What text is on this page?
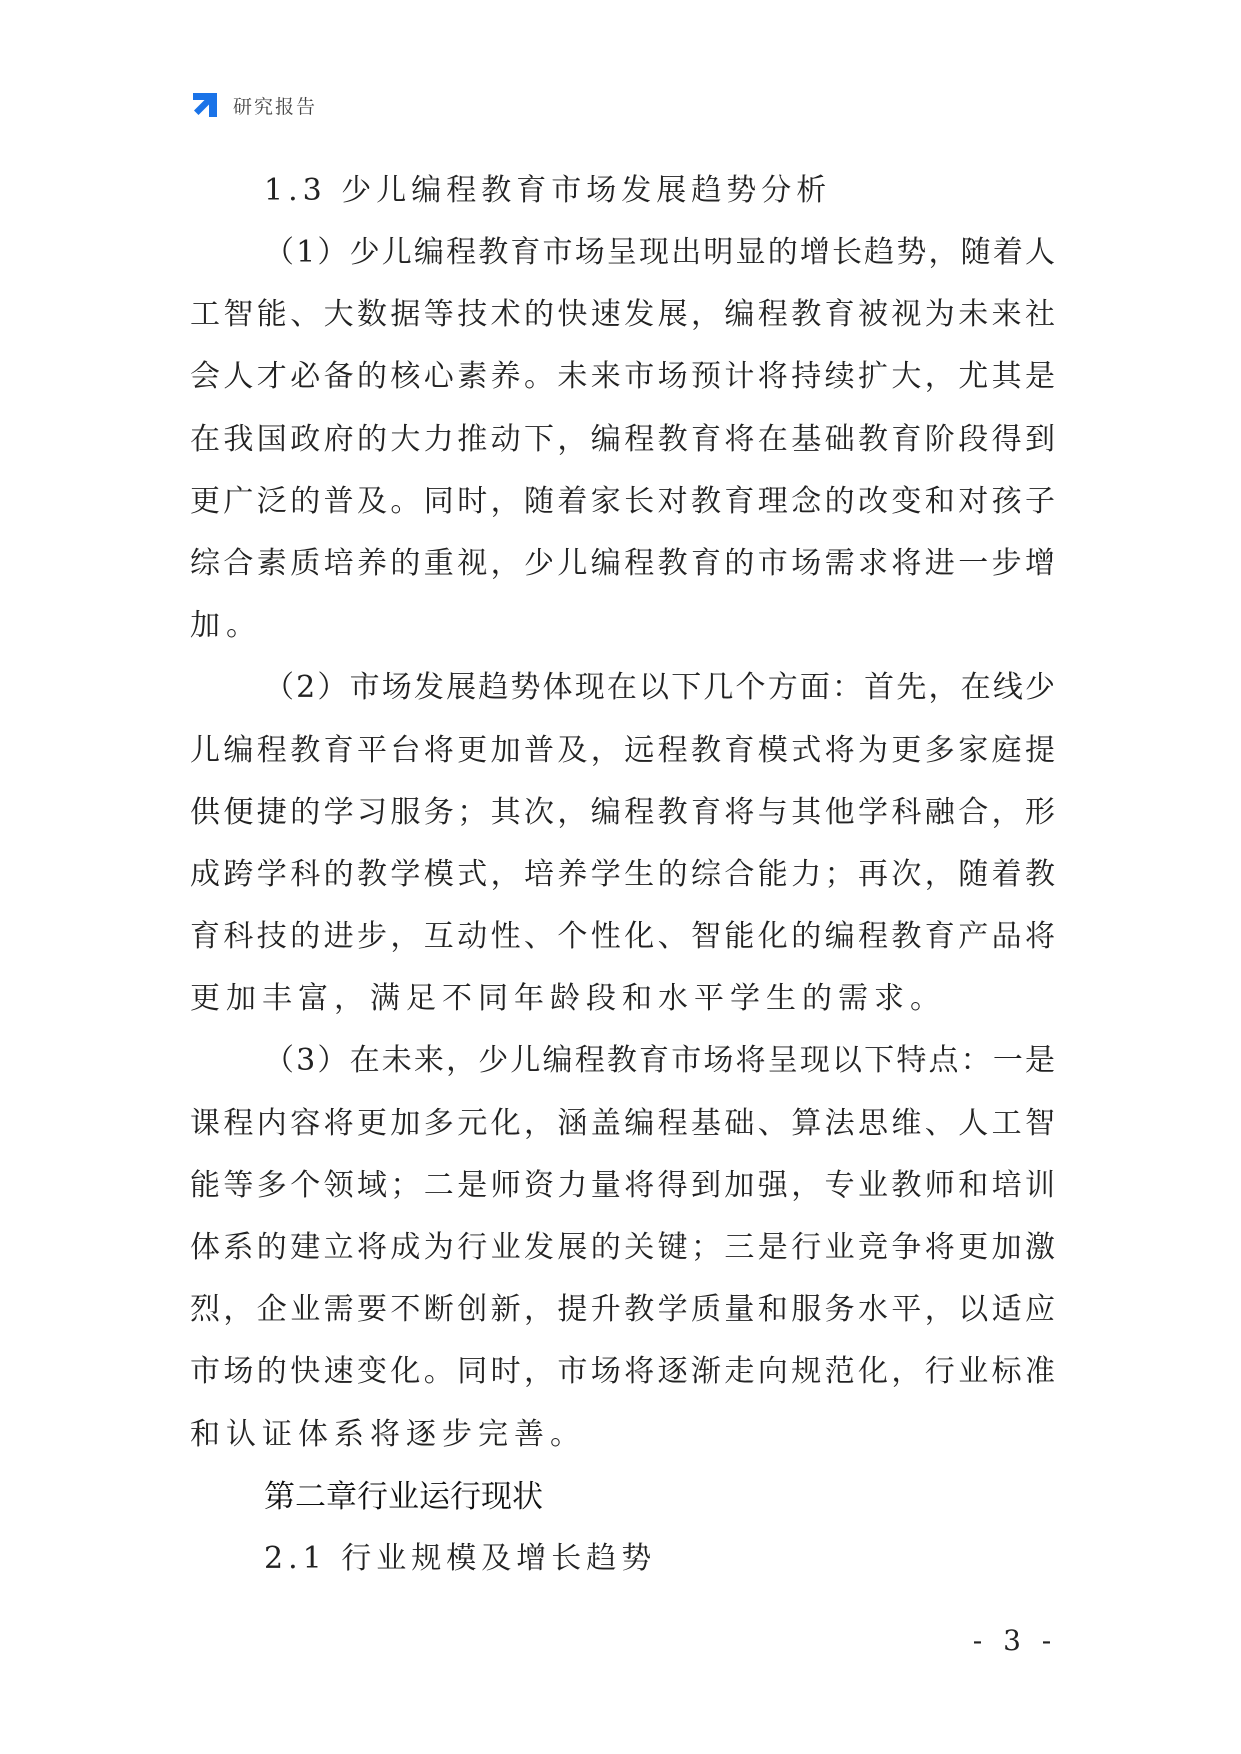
研究报告
1.3 少儿编程教育市场发展趋势分析

（1）少儿编程教育市场呈现出明显的增长趋势，随着人
工智能、大数据等技术的快速发展，编程教育被视为未来社
会人才必备的核心素养。未来市场预计将持续扩大，尤其是
在我国政府的大力推动下，编程教育将在基础教育阶段得到
更广泛的普及。同时，随着家长对教育理念的改变和对孩子
综合素质培养的重视，少儿编程教育的市场需求将进一步增
加。

（2）市场发展趋势体现在以下几个方面：首先，在线少
儿编程教育平台将更加普及，远程教育模式将为更多家庭提
供便捷的学习服务；其次，编程教育将与其他学科融合，形
成跨学科的教学模式，培养学生的综合能力；再次，随着教
育科技的进步，互动性、个性化、智能化的编程教育产品将
更加丰富，满足不同年龄段和水平学生的需求。

（3）在未来，少儿编程教育市场将呈现以下特点：一是
课程内容将更加多元化，涵盖编程基础、算法思维、人工智
能等多个领域；二是师资力量将得到加强，专业教师和培训
体系的建立将成为行业发展的关键；三是行业竞争将更加激
烈，企业需要不断创新，提升教学质量和服务水平，以适应
市场的快速变化。同时，市场将逐渐走向规范化，行业标准
和认证体系将逐步完善。

第二章行业运行现状
2.1 行业规模及增长趋势
- 3 -
